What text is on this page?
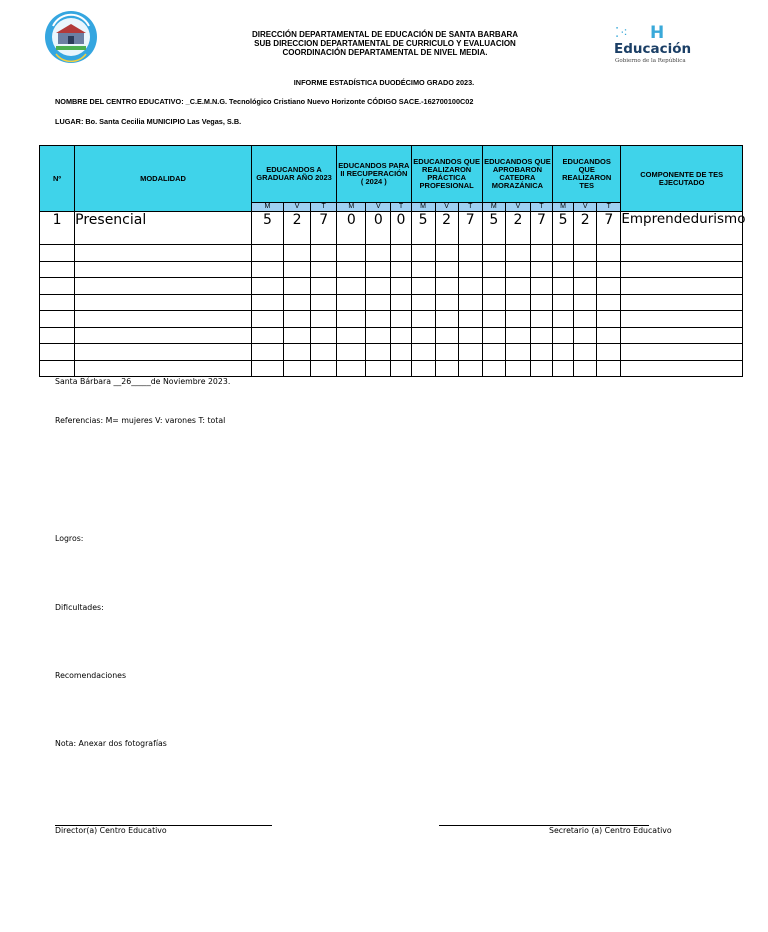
DIRECCIÓN DEPARTAMENTAL DE EDUCACIÓN DE SANTA BARBARA
SUB DIRECCION DEPARTAMENTAL DE CURRICULO Y EVALUACION
COORDINACIÓN DEPARTAMENTAL DE NIVEL MEDIA.
⁚⁖ H
Educación
Gobierno de la República
INFORME ESTADÍSTICA DUODÉCIMO GRADO 2023.
NOMBRE DEL CENTRO EDUCATIVO: _C.E.M.N.G. Tecnológico Cristiano Nuevo Horizonte CÓDIGO SACE.-162700100C02
LUGAR: Bo. Santa Cecilia MUNICIPIO Las Vegas, S.B.
Nº	MODALIDAD	EDUCANDOS A GRADUAR AÑO 2023			EDUCANDOS PARA II RECUPERACIÓN ( 2024 )			EDUCANDOS QUE REALIZARON PRÁCTICA PROFESIONAL			EDUCANDOS QUE APROBARON CATEDRA MORAZÁNICA			EDUCANDOS QUE REALIZARON TES			COMPONENTE DE TES EJECUTADO
		M	V	T	M	V	T	M	V	T	M	V	T	M	V	T	
1	Presencial	5	2	7	0	0	0	5	2	7	5	2	7	5	2	7	Emprendedurismo

Santa Bárbara __26_____de Noviembre 2023.
Referencias: M= mujeres V: varones T: total
Logros:
Dificultades:
Recomendaciones
Nota: Anexar dos fotografías
Director(a) Centro Educativo	Secretario (a) Centro Educativo
